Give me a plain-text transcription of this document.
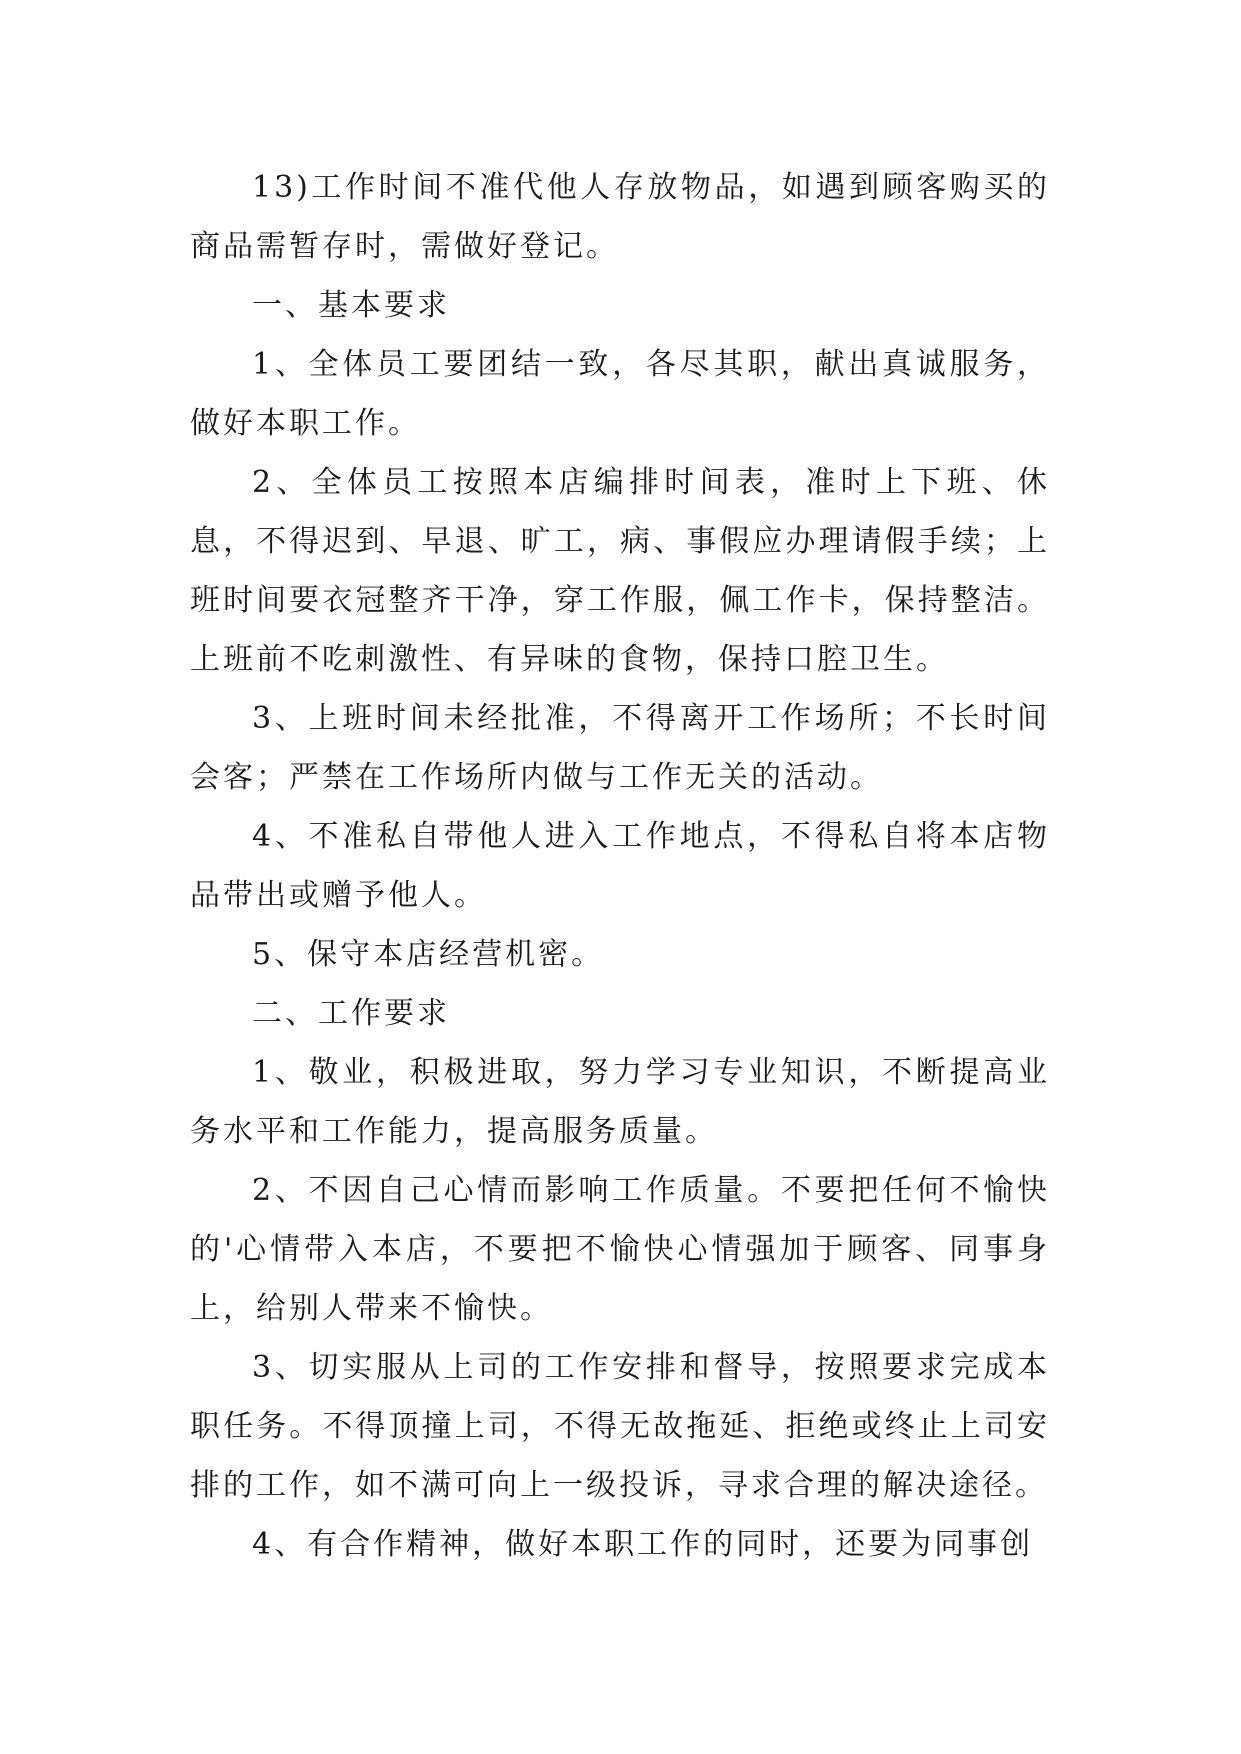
13)工作时间不准代他人存放物品，如遇到顾客购买的商品需暂存时，需做好登记。

一、基本要求

1、全体员工要团结一致，各尽其职，献出真诚服务，做好本职工作。

2、全体员工按照本店编排时间表，准时上下班、休息，不得迟到、早退、旷工，病、事假应办理请假手续；上班时间要衣冠整齐干净，穿工作服，佩工作卡，保持整洁。上班前不吃刺激性、有异味的食物，保持口腔卫生。

3、上班时间未经批准，不得离开工作场所；不长时间会客；严禁在工作场所内做与工作无关的活动。

4、不准私自带他人进入工作地点，不得私自将本店物品带出或赠予他人。

5、保守本店经营机密。

二、工作要求

1、敬业，积极进取，努力学习专业知识，不断提高业务水平和工作能力，提高服务质量。

2、不因自己心情而影响工作质量。不要把任何不愉快的'心情带入本店，不要把不愉快心情强加于顾客、同事身上，给别人带来不愉快。

3、切实服从上司的工作安排和督导，按照要求完成本职任务。不得顶撞上司，不得无故拖延、拒绝或终止上司安排的工作，如不满可向上一级投诉，寻求合理的解决途径。

4、有合作精神，做好本职工作的同时，还要为同事创
